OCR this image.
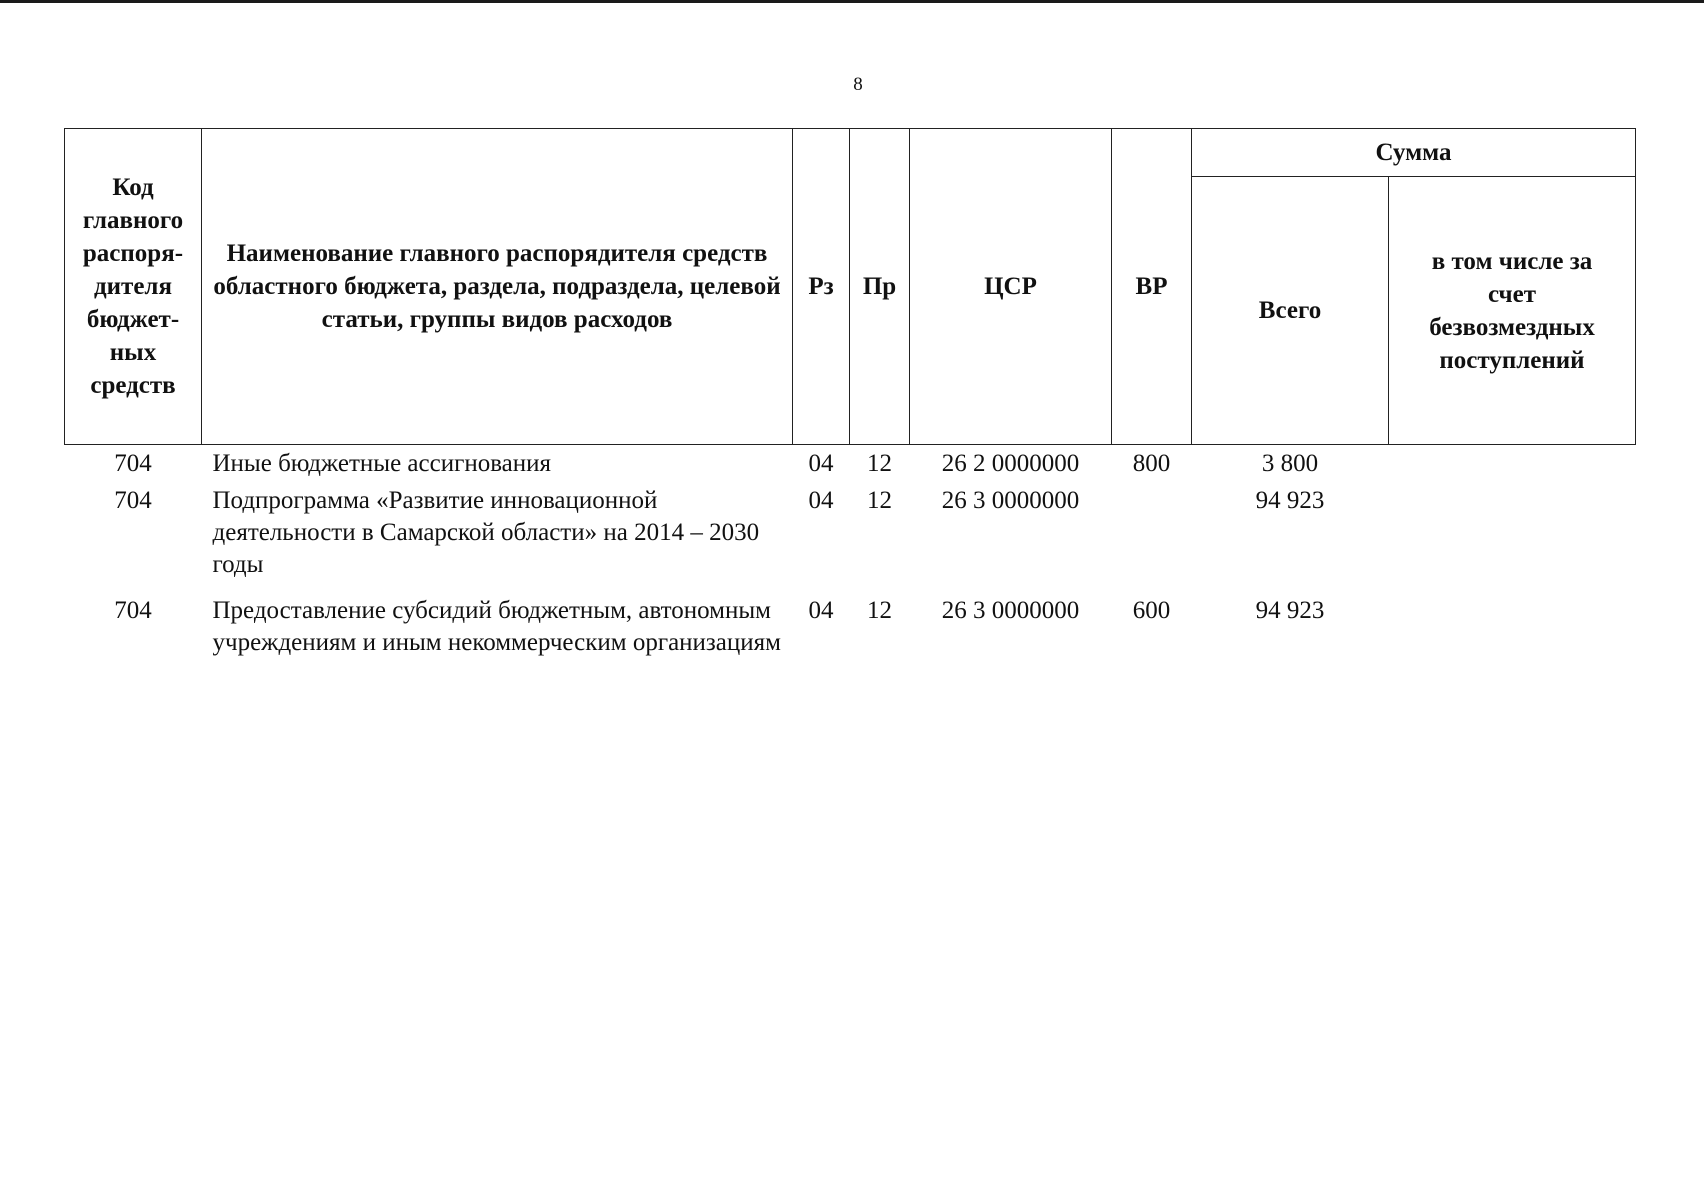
8
Код главного распоря-дителя бюджет-ных средств	Наименование главного распорядителя средств областного бюджета, раздела, подраздела, целевой статьи, группы видов расходов	Рз	Пр	ЦСР	ВР	Сумма	
						Всего	в том числе за счет безвозмездных поступлений
704	Иные бюджетные ассигнования	04	12	26 2 0000000	800	3 800	
704	Подпрограмма «Развитие инновационной деятельности в Самарской области» на 2014 – 2030 годы	04	12	26 3 0000000		94 923	
704	Предоставление субсидий бюджетным, автономным учреждениям и иным некоммерческим организациям	04	12	26 3 0000000	600	94 923	
